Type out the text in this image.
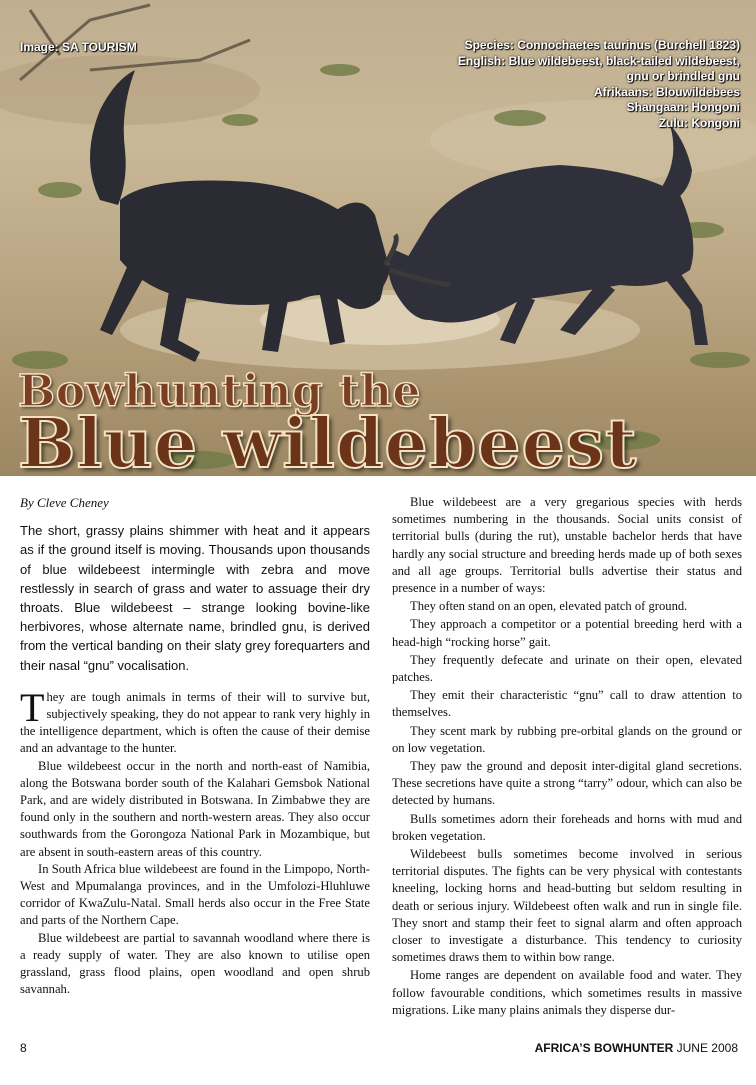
Image: SA TOURISM	Species: Connochaetes taurinus (Burchell 1823)
English: Blue wildebeest, black-tailed wildebeest,
gnu or brindled gnu
Afrikaans: Blouwildebees
Shangaan: Hongoni
Zulu: Kongoni
Bowhunting the
Blue wildebeest
By Cleve Cheney
The short, grassy plains shimmer with heat and it appears as if the ground itself is moving. Thousands upon thousands of blue wildebeest intermingle with zebra and move restlessly in search of grass and water to assuage their dry throats. Blue wildebeest – strange looking bovine-like herbivores, whose alternate name, brindled gnu, is derived from the vertical banding on their slaty grey forequarters and their nasal “gnu” vocalisation.

They are tough animals in terms of their will to survive but, subjectively speaking, they do not appear to rank very highly in the intelligence department, which is often the cause of their demise and an advantage to the hunter.

Blue wildebeest occur in the north and north-east of Namibia, along the Botswana border south of the Kalahari Gemsbok National Park, and are widely distributed in Botswana. In Zimbabwe they are found only in the southern and north-western areas. They also occur southwards from the Gorongoza National Park in Mozambique, but are absent in south-eastern areas of this country.

In South Africa blue wildebeest are found in the Limpopo, North-West and Mpumalanga provinces, and in the Umfolozi-Hluhluwe corridor of KwaZulu-Natal. Small herds also occur in the Free State and parts of the Northern Cape.

Blue wildebeest are partial to savannah woodland where there is a ready supply of water. They are also known to utilise open grassland, grass flood plains, open woodland and open shrub savannah.

Blue wildebeest are a very gregarious species with herds sometimes numbering in the thousands. Social units consist of territorial bulls (during the rut), unstable bachelor herds that have hardly any social structure and breeding herds made up of both sexes and all age groups. Territorial bulls advertise their status and presence in a number of ways:

They often stand on an open, elevated patch of ground.

They approach a competitor or a potential breeding herd with a head-high “rocking horse” gait.

They frequently defecate and urinate on their open, elevated patches.

They emit their characteristic “gnu” call to draw attention to themselves.

They scent mark by rubbing pre-orbital glands on the ground or on low vegetation.

They paw the ground and deposit inter-digital gland secretions. These secretions have quite a strong “tarry” odour, which can also be detected by humans.

Bulls sometimes adorn their foreheads and horns with mud and broken vegetation.

Wildebeest bulls sometimes become involved in serious territorial disputes. The fights can be very physical with contestants kneeling, locking horns and head-butting but seldom resulting in death or serious injury. Wildebeest often walk and run in single file. They snort and stamp their feet to signal alarm and often approach closer to investigate a disturbance. This tendency to curiosity sometimes draws them to within bow range.

Home ranges are dependent on available food and water. They follow favourable conditions, which sometimes results in massive migrations. Like many plains animals they disperse dur-

8	AFRICA’S BOWHUNTER JUNE 2008
